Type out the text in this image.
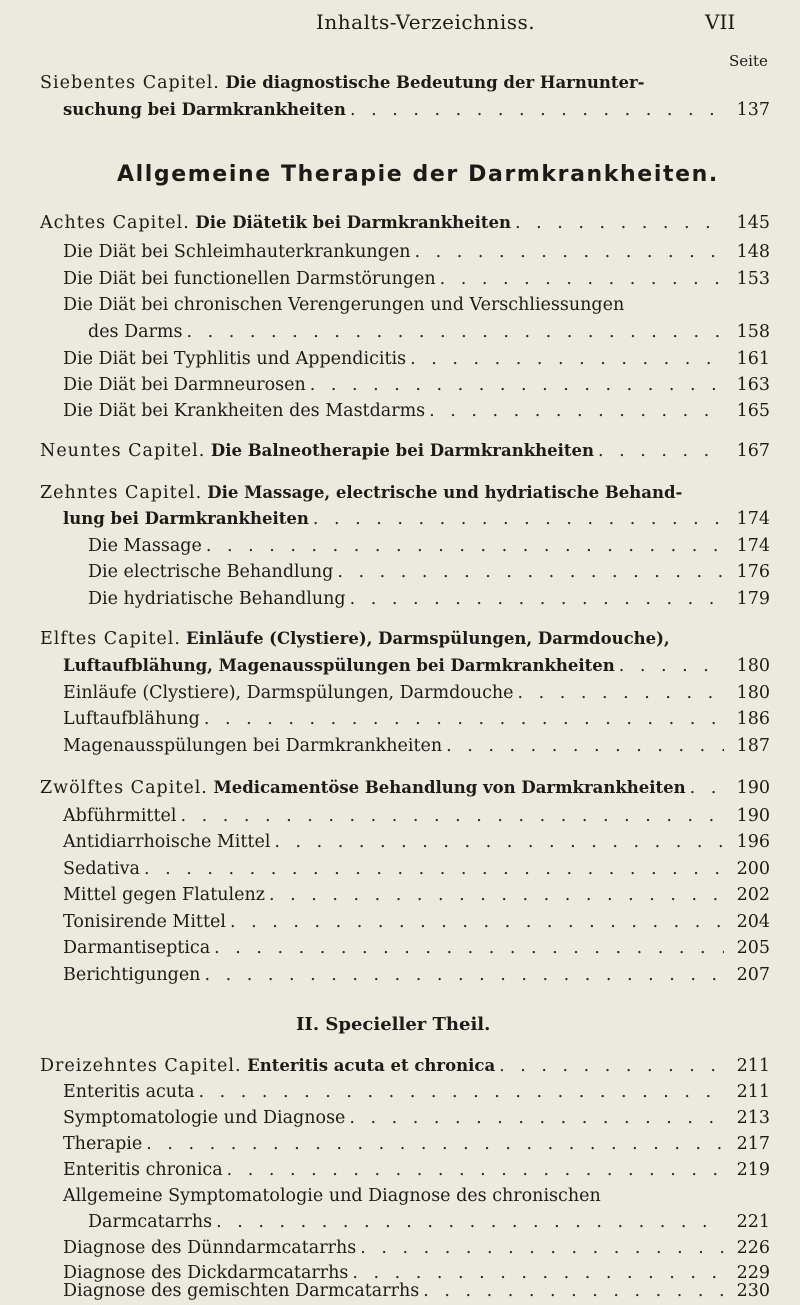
Inhalts-Verzeichniss.	VII
Seite
Siebentes Capitel. Die diagnostische Bedeutung der Harnunter-
suchung bei Darmkrankheiten . . .	137
Allgemeine Therapie der Darmkrankheiten.
Achtes Capitel.
Die Diätetik bei Darmkrankheiten . . .	145
Die Diät bei Schleimhauterkrankungen . . .	148
Die Diät bei functionellen Darmstörungen . . .	153
Die Diät bei chronischen Verengerungen und Verschliessungen
des Darms . . .	158
Die Diät bei Typhlitis und Appendicitis . . .	161
Die Diät bei Darmneurosen . . .	163
Die Diät bei Krankheiten des Mastdarms . . .	165
Neuntes Capitel.
Die Balneotherapie bei Darmkrankheiten . . .	167
Zehntes Capitel. Die Massage, electrische und hydriatische Behand-
lung bei Darmkrankheiten . . .	174
Die Massage . . .	174
Die electrische Behandlung . . .	176
Die hydriatische Behandlung . . .	179
Elftes Capitel. Einläufe (Clystiere), Darmspülungen, Darmdouche),
Luftaufblähung, Magenausspülungen bei Darmkrankheiten . . .	180
Einläufe (Clystiere), Darmspülungen, Darmdouche . . .	180
Luftaufblähung . . .	186
Magenausspülungen bei Darmkrankheiten . . .	187
Zwölftes Capitel.
Medicamentöse Behandlung von Darmkrankheiten . . .	190
Abführmittel . . .	190
Antidiarrhoische Mittel . . .	196
Sedativa . . .	200
Mittel gegen Flatulenz . . .	202
Tonisirende Mittel . . .	204
Darmantiseptica . . .	205
Berichtigungen . . .	207
II. Specieller Theil.
Dreizehntes Capitel.
Enteritis acuta et chronica . . .	211
Enteritis acuta . . .	211
Symptomatologie und Diagnose . . .	213
Therapie . . .	217
Enteritis chronica . . .	219
Allgemeine Symptomatologie und Diagnose des chronischen
Darmcatarrhs . . .	221
Diagnose des Dünndarmcatarrhs . . .	226
Diagnose des Dickdarmcatarrhs . . .	229
Diagnose des gemischten Darmcatarrhs . . .	230
